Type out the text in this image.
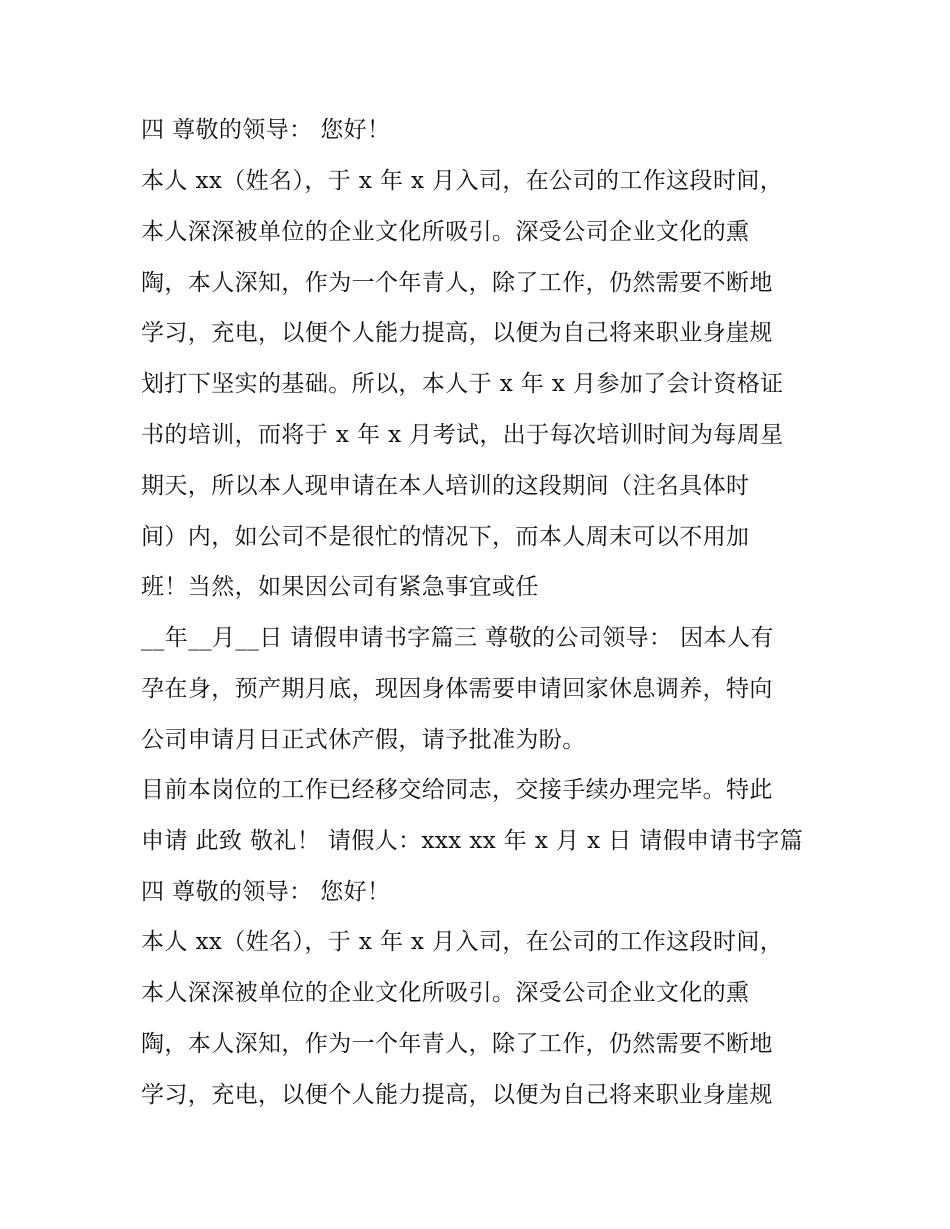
四 尊敬的领导： 您好！
本人 xx（姓名），于 x 年 x 月入司，在公司的工作这段时间，
本人深深被单位的企业文化所吸引。深受公司企业文化的熏
陶，本人深知，作为一个年青人，除了工作，仍然需要不断地
学习，充电，以便个人能力提高，以便为自己将来职业身崖规
划打下坚实的基础。所以，本人于 x 年 x 月参加了会计资格证
书的培训，而将于 x 年 x 月考试，出于每次培训时间为每周星
期天，所以本人现申请在本人培训的这段期间（注名具体时
间）内，如公司不是很忙的情况下，而本人周末可以不用加
班！当然，如果因公司有紧急事宜或任
__年__月__日 请假申请书字篇三 尊敬的公司领导： 因本人有
孕在身，预产期月底，现因身体需要申请回家休息调养，特向
公司申请月日正式休产假，请予批准为盼。
目前本岗位的工作已经移交给同志，交接手续办理完毕。特此
申请 此致 敬礼！ 请假人：xxx xx 年 x 月 x 日 请假申请书字篇
四 尊敬的领导： 您好！
本人 xx（姓名），于 x 年 x 月入司，在公司的工作这段时间，
本人深深被单位的企业文化所吸引。深受公司企业文化的熏
陶，本人深知，作为一个年青人，除了工作，仍然需要不断地
学习，充电，以便个人能力提高，以便为自己将来职业身崖规
